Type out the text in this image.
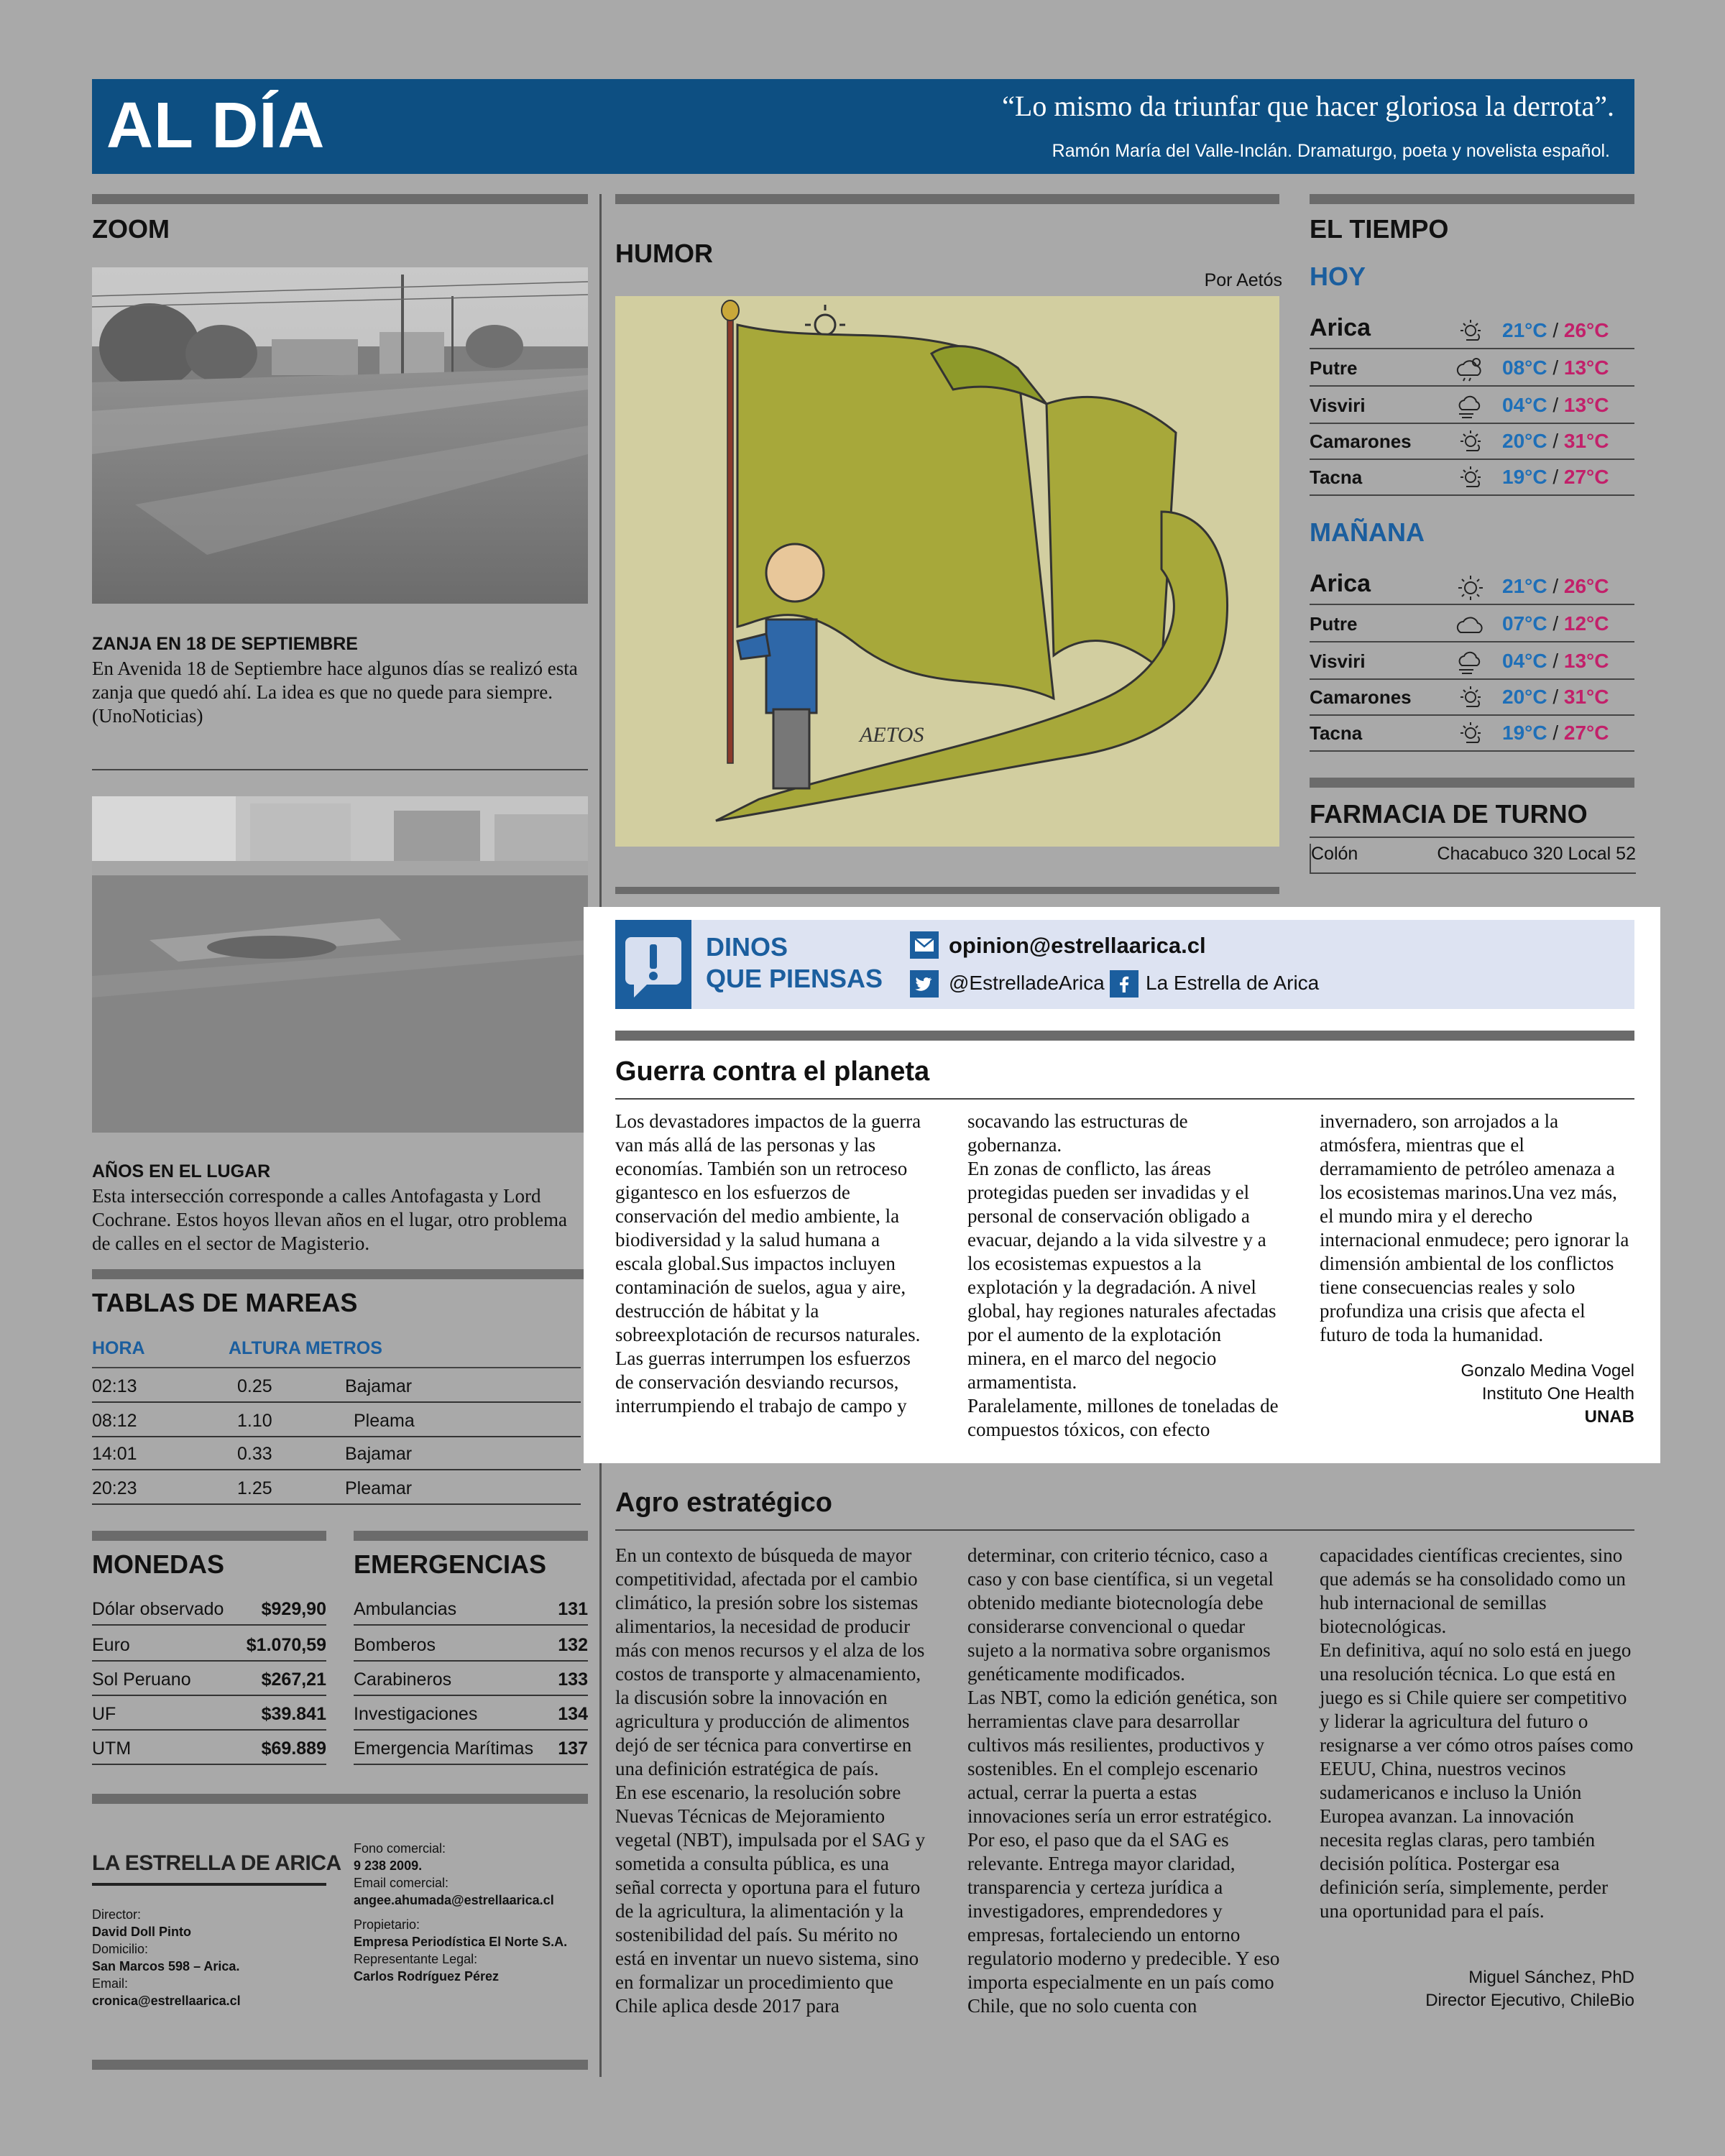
AL DÍA	“Lo mismo da triunfar que hacer gloriosa la derrota”.
Ramón María del Valle-Inclán. Dramaturgo, poeta y novelista español.
ZOOM
ZANJA EN 18 DE SEPTIEMBRE

En Avenida 18 de Septiembre hace algunos días se realizó esta zanja que quedó ahí. La idea es que no quede para siempre. (UnoNoticias)

AÑOS EN EL LUGAR

Esta intersección corresponde a calles Antofagasta y Lord Cochrane. Estos hoyos llevan años en el lugar, otro problema de calles en el sector de Magisterio.

TABLAS DE MAREAS
HORA	ALTURA METROS
02:13	0.25	Bajamar
08:12	1.10	Pleama
14:01	0.33	Bajamar
20:23	1.25	Pleamar
MONEDAS
Dólar observado $929,90
Euro	$1.070,59
Sol Peruano	$267,21
UF	$39.841
UTM	$69.889
EMERGENCIAS
Ambulancias	131
Bomberos	132
Carabineros	133
Investigaciones	134
Emergencia Marítimas 137
LA ESTRELLA DE ARICA
Director:
David Doll Pinto
Domicilio:
San Marcos 598 – Arica.
Email:
cronica@estrellaarica.cl
Fono comercial:
9 238 2009.
Email comercial:
angee.ahumada@estrellaarica.cl
Propietario:
Empresa Periodística El Norte S.A.
Representante Legal:
Carlos Rodríguez Pérez
HUMOR
Por Aetós
AETOS
EL TIEMPO
HOY
Arica	21°C / 26°C
Putre	08°C / 13°C
Visviri	04°C / 13°C
Camarones	20°C / 31°C
Tacna	19°C / 27°C
MAÑANA
Arica	21°C / 26°C
Putre	07°C / 12°C
Visviri	04°C / 13°C
Camarones	20°C / 31°C
Tacna	19°C / 27°C
FARMACIA DE TURNO
Colón	Chacabuco 320 Local 52
DINOS
QUE PIENSAS
opinion@estrellaarica.cl
@EstrelladeArica La Estrella de Arica
Guerra contra el planeta

Los devastadores impactos de la guerra van más allá de las personas y las economías. También son un retroceso gigantesco en los esfuerzos de conservación del medio ambiente, la biodiversidad y la salud humana a escala global.Sus impactos incluyen contaminación de suelos, agua y aire, destrucción de hábitat y la sobreexplotación de recursos naturales. Las guerras interrumpen los esfuerzos de conservación desviando recursos, interrumpiendo el trabajo de campo y socavando las estructuras de gobernanza.

En zonas de conflicto, las áreas protegidas pueden ser invadidas y el personal de conservación obligado a evacuar, dejando a la vida silvestre y a los ecosistemas expuestos a la explotación y la degradación. A nivel global, hay regiones naturales afectadas por el aumento de la explotación minera, en el marco del negocio armamentista.

Paralelamente, millones de toneladas de compuestos tóxicos, con efecto invernadero, son arrojados a la atmósfera, mientras que el derramamiento de petróleo amenaza a los ecosistemas marinos.Una vez más, el mundo mira y el derecho internacional enmudece; pero ignorar la dimensión ambiental de los conflictos tiene consecuencias reales y solo profundiza una crisis que afecta el futuro de toda la humanidad.

Gonzalo Medina Vogel
Instituto One Health
UNAB
Agro estratégico

En un contexto de búsqueda de mayor competitividad, afectada por el cambio climático, la presión sobre los sistemas alimentarios, la necesidad de producir más con menos recursos y el alza de los costos de transporte y almacenamiento, la discusión sobre la innovación en agricultura y producción de alimentos dejó de ser técnica para convertirse en una definición estratégica de país.

En ese escenario, la resolución sobre Nuevas Técnicas de Mejoramiento vegetal (NBT), impulsada por el SAG y sometida a consulta pública, es una señal correcta y oportuna para el futuro de la agricultura, la alimentación y la sostenibilidad del país. Su mérito no está en inventar un nuevo sistema, sino en formalizar un procedimiento que Chile aplica desde 2017 para determinar, con criterio técnico, caso a caso y con base científica, si un vegetal obtenido mediante biotecnología debe considerarse convencional o quedar sujeto a la normativa sobre organismos genéticamente modificados.

Las NBT, como la edición genética, son herramientas clave para desarrollar cultivos más resilientes, productivos y sostenibles. En el complejo escenario actual, cerrar la puerta a estas innovaciones sería un error estratégico.

Por eso, el paso que da el SAG es relevante. Entrega mayor claridad, transparencia y certeza jurídica a investigadores, emprendedores y empresas, fortaleciendo un entorno regulatorio moderno y predecible. Y eso importa especialmente en un país como Chile, que no solo cuenta con capacidades científicas crecientes, sino que además se ha consolidado como un hub internacional de semillas biotecnológicas.

En definitiva, aquí no solo está en juego una resolución técnica. Lo que está en juego es si Chile quiere ser competitivo y liderar la agricultura del futuro o resignarse a ver cómo otros países como EEUU, China, nuestros vecinos sudamericanos e incluso la Unión Europea avanzan. La innovación necesita reglas claras, pero también decisión política. Postergar esa definición sería, simplemente, perder una oportunidad para el país.

Miguel Sánchez, PhD
Director Ejecutivo, ChileBio
